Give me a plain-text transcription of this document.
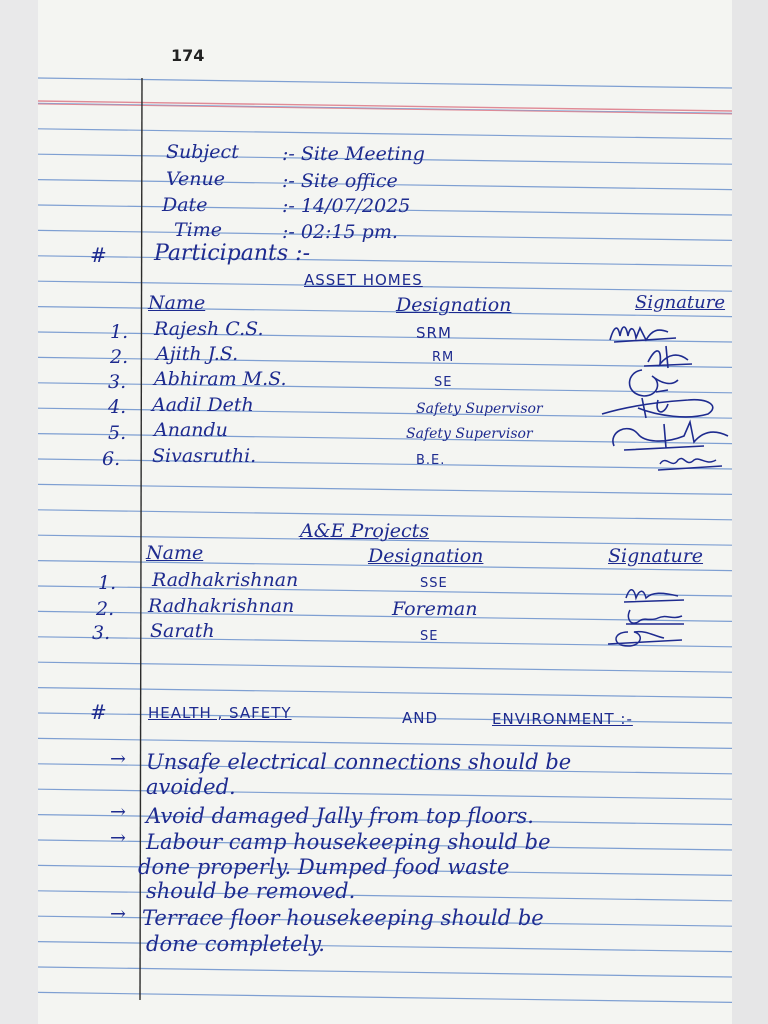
174
Subject :- Site Meeting
Venue	:- Site office
Date	:- 14/07/2025
Time	:- 02:15 pm.
# Participants :-
ASSET HOMES
Name	Designation	Signature
1. Rajesh C.S.	SRM
2. Ajith J.S.	RM
3. Abhiram M.S.	SE
4. Aadil Deth	Safety Supervisor
5. Anandu	Safety Supervisor
6. Sivasruthi.	B.E.
A&E Projects
Name	Designation	Signature
1. Radhakrishnan	SSE
2. Radhakrishnan	Foreman
3. Sarath	SE
#	HEALTH , SAFETY	AND	ENVIRONMENT :-
→ Unsafe electrical connections should be
avoided.
→ Avoid damaged Jally from top floors.
→ Labour camp housekeeping should be
done properly. Dumped food waste
should be removed.
→ Terrace floor housekeeping should be
done completely.
